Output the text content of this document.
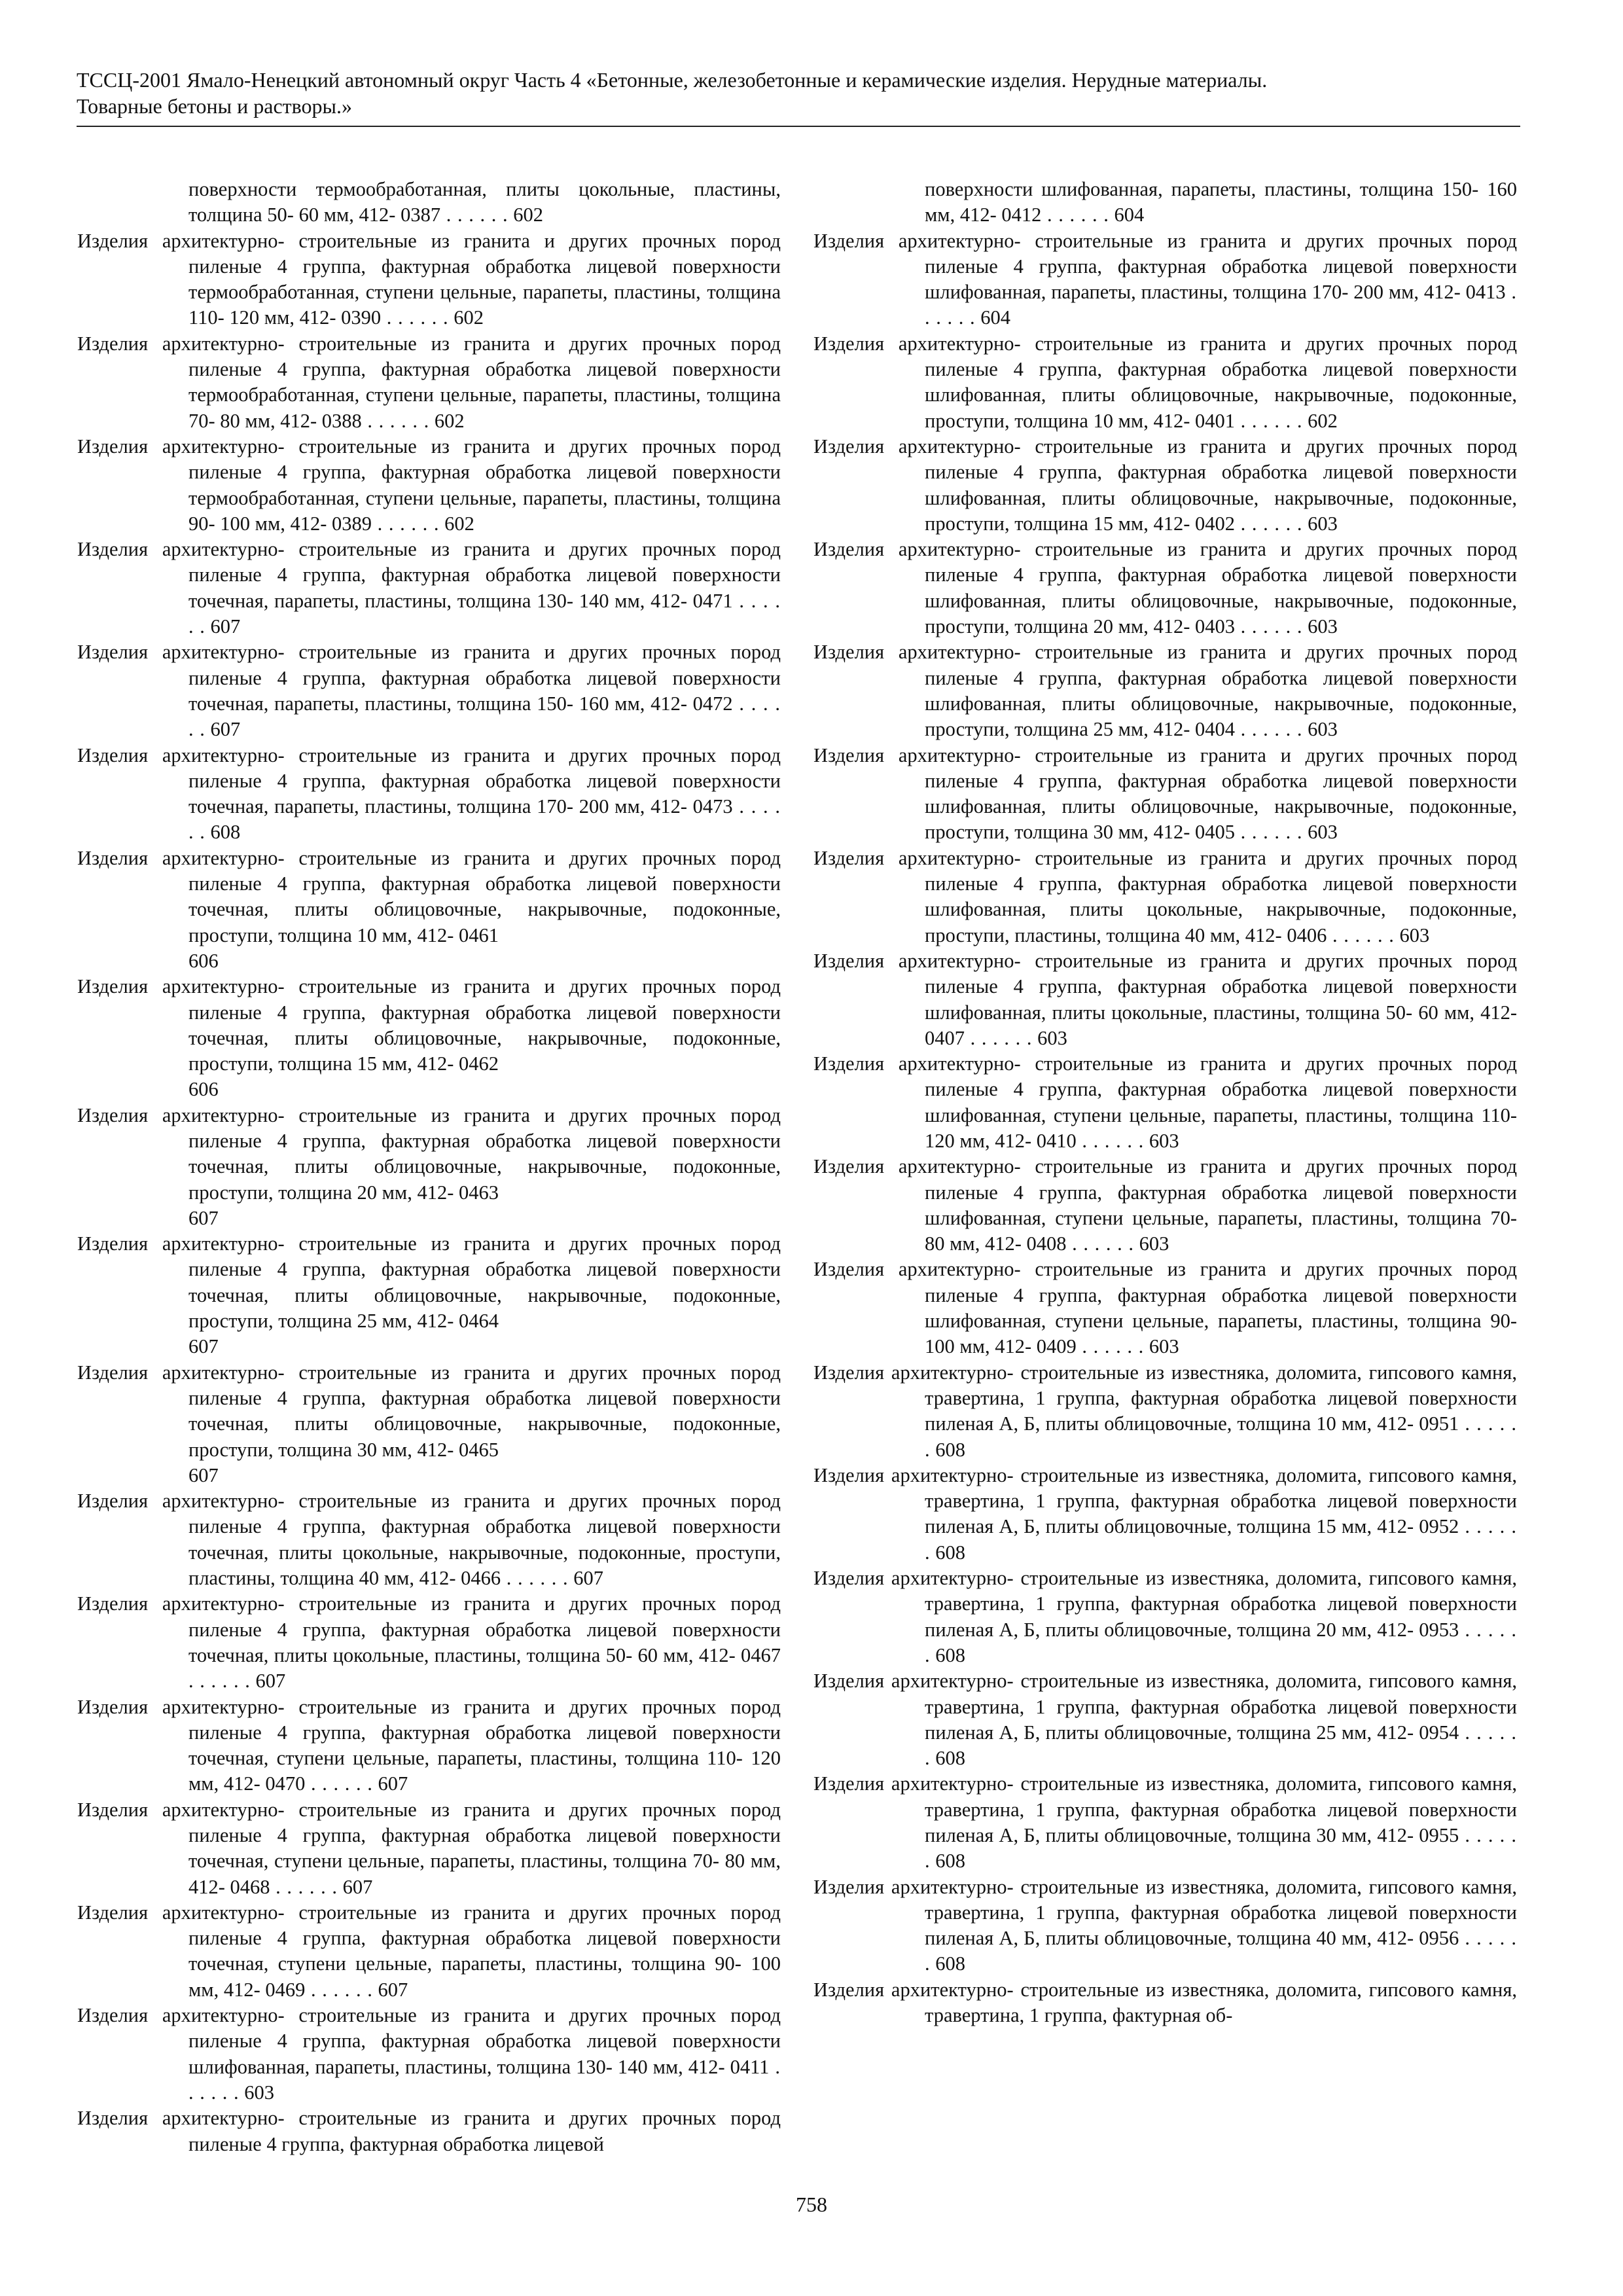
ТССЦ-2001 Ямало-Ненецкий автономный округ Часть 4 «Бетонные, железобетонные и керамические изделия. Нерудные материалы.
Товарные бетоны и растворы.»
поверхности термообработанная, плиты цокольные, пластины, толщина 50- 60 мм, 412- 0387 . . . . . . 602
Изделия архитектурно- строительные из гранита и других прочных пород пиленые 4 группа, фактурная обработка лицевой поверхности термообработанная, ступени цельные, парапеты, пластины, толщина 110- 120 мм, 412- 0390 . . . . . . 602
Изделия архитектурно- строительные из гранита и других прочных пород пиленые 4 группа, фактурная обработка лицевой поверхности термообработанная, ступени цельные, парапеты, пластины, толщина 70- 80 мм, 412- 0388 . . . . . . 602
Изделия архитектурно- строительные из гранита и других прочных пород пиленые 4 группа, фактурная обработка лицевой поверхности термообработанная, ступени цельные, парапеты, пластины, толщина 90- 100 мм, 412- 0389 . . . . . . 602
Изделия архитектурно- строительные из гранита и других прочных пород пиленые 4 группа, фактурная обработка лицевой поверхности точечная, парапеты, пластины, толщина 130- 140 мм, 412- 0471 . . . . . . 607
Изделия архитектурно- строительные из гранита и других прочных пород пиленые 4 группа, фактурная обработка лицевой поверхности точечная, парапеты, пластины, толщина 150- 160 мм, 412- 0472 . . . . . . 607
Изделия архитектурно- строительные из гранита и других прочных пород пиленые 4 группа, фактурная обработка лицевой поверхности точечная, парапеты, пластины, толщина 170- 200 мм, 412- 0473 . . . . . . 608
Изделия архитектурно- строительные из гранита и других прочных пород пиленые 4 группа, фактурная обработка лицевой поверхности точечная, плиты облицовочные, накрывочные, подоконные, проступи, толщина 10 мм, 412- 0461
606
Изделия архитектурно- строительные из гранита и других прочных пород пиленые 4 группа, фактурная обработка лицевой поверхности точечная, плиты облицовочные, накрывочные, подоконные, проступи, толщина 15 мм, 412- 0462
606
Изделия архитектурно- строительные из гранита и других прочных пород пиленые 4 группа, фактурная обработка лицевой поверхности точечная, плиты облицовочные, накрывочные, подоконные, проступи, толщина 20 мм, 412- 0463
607
Изделия архитектурно- строительные из гранита и других прочных пород пиленые 4 группа, фактурная обработка лицевой поверхности точечная, плиты облицовочные, накрывочные, подоконные, проступи, толщина 25 мм, 412- 0464
607
Изделия архитектурно- строительные из гранита и других прочных пород пиленые 4 группа, фактурная обработка лицевой поверхности точечная, плиты облицовочные, накрывочные, подоконные, проступи, толщина 30 мм, 412- 0465
607
Изделия архитектурно- строительные из гранита и других прочных пород пиленые 4 группа, фактурная обработка лицевой поверхности точечная, плиты цокольные, накрывочные, подоконные, проступи, пластины, толщина 40 мм, 412- 0466 . . . . . . 607
Изделия архитектурно- строительные из гранита и других прочных пород пиленые 4 группа, фактурная обработка лицевой поверхности точечная, плиты цокольные, пластины, толщина 50- 60 мм, 412- 0467 . . . . . . 607
Изделия архитектурно- строительные из гранита и других прочных пород пиленые 4 группа, фактурная обработка лицевой поверхности точечная, ступени цельные, парапеты, пластины, толщина 110- 120 мм, 412- 0470 . . . . . . 607
Изделия архитектурно- строительные из гранита и других прочных пород пиленые 4 группа, фактурная обработка лицевой поверхности точечная, ступени цельные, парапеты, пластины, толщина 70- 80 мм, 412- 0468 . . . . . . 607
Изделия архитектурно- строительные из гранита и других прочных пород пиленые 4 группа, фактурная обработка лицевой поверхности точечная, ступени цельные, парапеты, пластины, толщина 90- 100 мм, 412- 0469 . . . . . . 607
Изделия архитектурно- строительные из гранита и других прочных пород пиленые 4 группа, фактурная обработка лицевой поверхности шлифованная, парапеты, пластины, толщина 130- 140 мм, 412- 0411 . . . . . . 603
Изделия архитектурно- строительные из гранита и других прочных пород пиленые 4 группа, фактурная обработка лицевой
поверхности шлифованная, парапеты, пластины, толщина 150- 160 мм, 412- 0412 . . . . . . 604
Изделия архитектурно- строительные из гранита и других прочных пород пиленые 4 группа, фактурная обработка лицевой поверхности шлифованная, парапеты, пластины, толщина 170- 200 мм, 412- 0413 . . . . . . 604
Изделия архитектурно- строительные из гранита и других прочных пород пиленые 4 группа, фактурная обработка лицевой поверхности шлифованная, плиты облицовочные, накрывочные, подоконные, проступи, толщина 10 мм, 412- 0401 . . . . . . 602
Изделия архитектурно- строительные из гранита и других прочных пород пиленые 4 группа, фактурная обработка лицевой поверхности шлифованная, плиты облицовочные, накрывочные, подоконные, проступи, толщина 15 мм, 412- 0402 . . . . . . 603
Изделия архитектурно- строительные из гранита и других прочных пород пиленые 4 группа, фактурная обработка лицевой поверхности шлифованная, плиты облицовочные, накрывочные, подоконные, проступи, толщина 20 мм, 412- 0403 . . . . . . 603
Изделия архитектурно- строительные из гранита и других прочных пород пиленые 4 группа, фактурная обработка лицевой поверхности шлифованная, плиты облицовочные, накрывочные, подоконные, проступи, толщина 25 мм, 412- 0404 . . . . . . 603
Изделия архитектурно- строительные из гранита и других прочных пород пиленые 4 группа, фактурная обработка лицевой поверхности шлифованная, плиты облицовочные, накрывочные, подоконные, проступи, толщина 30 мм, 412- 0405 . . . . . . 603
Изделия архитектурно- строительные из гранита и других прочных пород пиленые 4 группа, фактурная обработка лицевой поверхности шлифованная, плиты цокольные, накрывочные, подоконные, проступи, пластины, толщина 40 мм, 412- 0406 . . . . . . 603
Изделия архитектурно- строительные из гранита и других прочных пород пиленые 4 группа, фактурная обработка лицевой поверхности шлифованная, плиты цокольные, пластины, толщина 50- 60 мм, 412- 0407 . . . . . . 603
Изделия архитектурно- строительные из гранита и других прочных пород пиленые 4 группа, фактурная обработка лицевой поверхности шлифованная, ступени цельные, парапеты, пластины, толщина 110- 120 мм, 412- 0410 . . . . . . 603
Изделия архитектурно- строительные из гранита и других прочных пород пиленые 4 группа, фактурная обработка лицевой поверхности шлифованная, ступени цельные, парапеты, пластины, толщина 70- 80 мм, 412- 0408 . . . . . . 603
Изделия архитектурно- строительные из гранита и других прочных пород пиленые 4 группа, фактурная обработка лицевой поверхности шлифованная, ступени цельные, парапеты, пластины, толщина 90- 100 мм, 412- 0409 . . . . . . 603
Изделия архитектурно- строительные из известняка, доломита, гипсового камня, травертина, 1 группа, фактурная обработка лицевой поверхности пиленая А, Б, плиты облицовочные, толщина 10 мм, 412- 0951 . . . . . . 608
Изделия архитектурно- строительные из известняка, доломита, гипсового камня, травертина, 1 группа, фактурная обработка лицевой поверхности пиленая А, Б, плиты облицовочные, толщина 15 мм, 412- 0952 . . . . . . 608
Изделия архитектурно- строительные из известняка, доломита, гипсового камня, травертина, 1 группа, фактурная обработка лицевой поверхности пиленая А, Б, плиты облицовочные, толщина 20 мм, 412- 0953 . . . . . . 608
Изделия архитектурно- строительные из известняка, доломита, гипсового камня, травертина, 1 группа, фактурная обработка лицевой поверхности пиленая А, Б, плиты облицовочные, толщина 25 мм, 412- 0954 . . . . . . 608
Изделия архитектурно- строительные из известняка, доломита, гипсового камня, травертина, 1 группа, фактурная обработка лицевой поверхности пиленая А, Б, плиты облицовочные, толщина 30 мм, 412- 0955 . . . . . . 608
Изделия архитектурно- строительные из известняка, доломита, гипсового камня, травертина, 1 группа, фактурная обработка лицевой поверхности пиленая А, Б, плиты облицовочные, толщина 40 мм, 412- 0956 . . . . . . 608
Изделия архитектурно- строительные из известняка, доломита, гипсового камня, травертина, 1 группа, фактурная об-
758
